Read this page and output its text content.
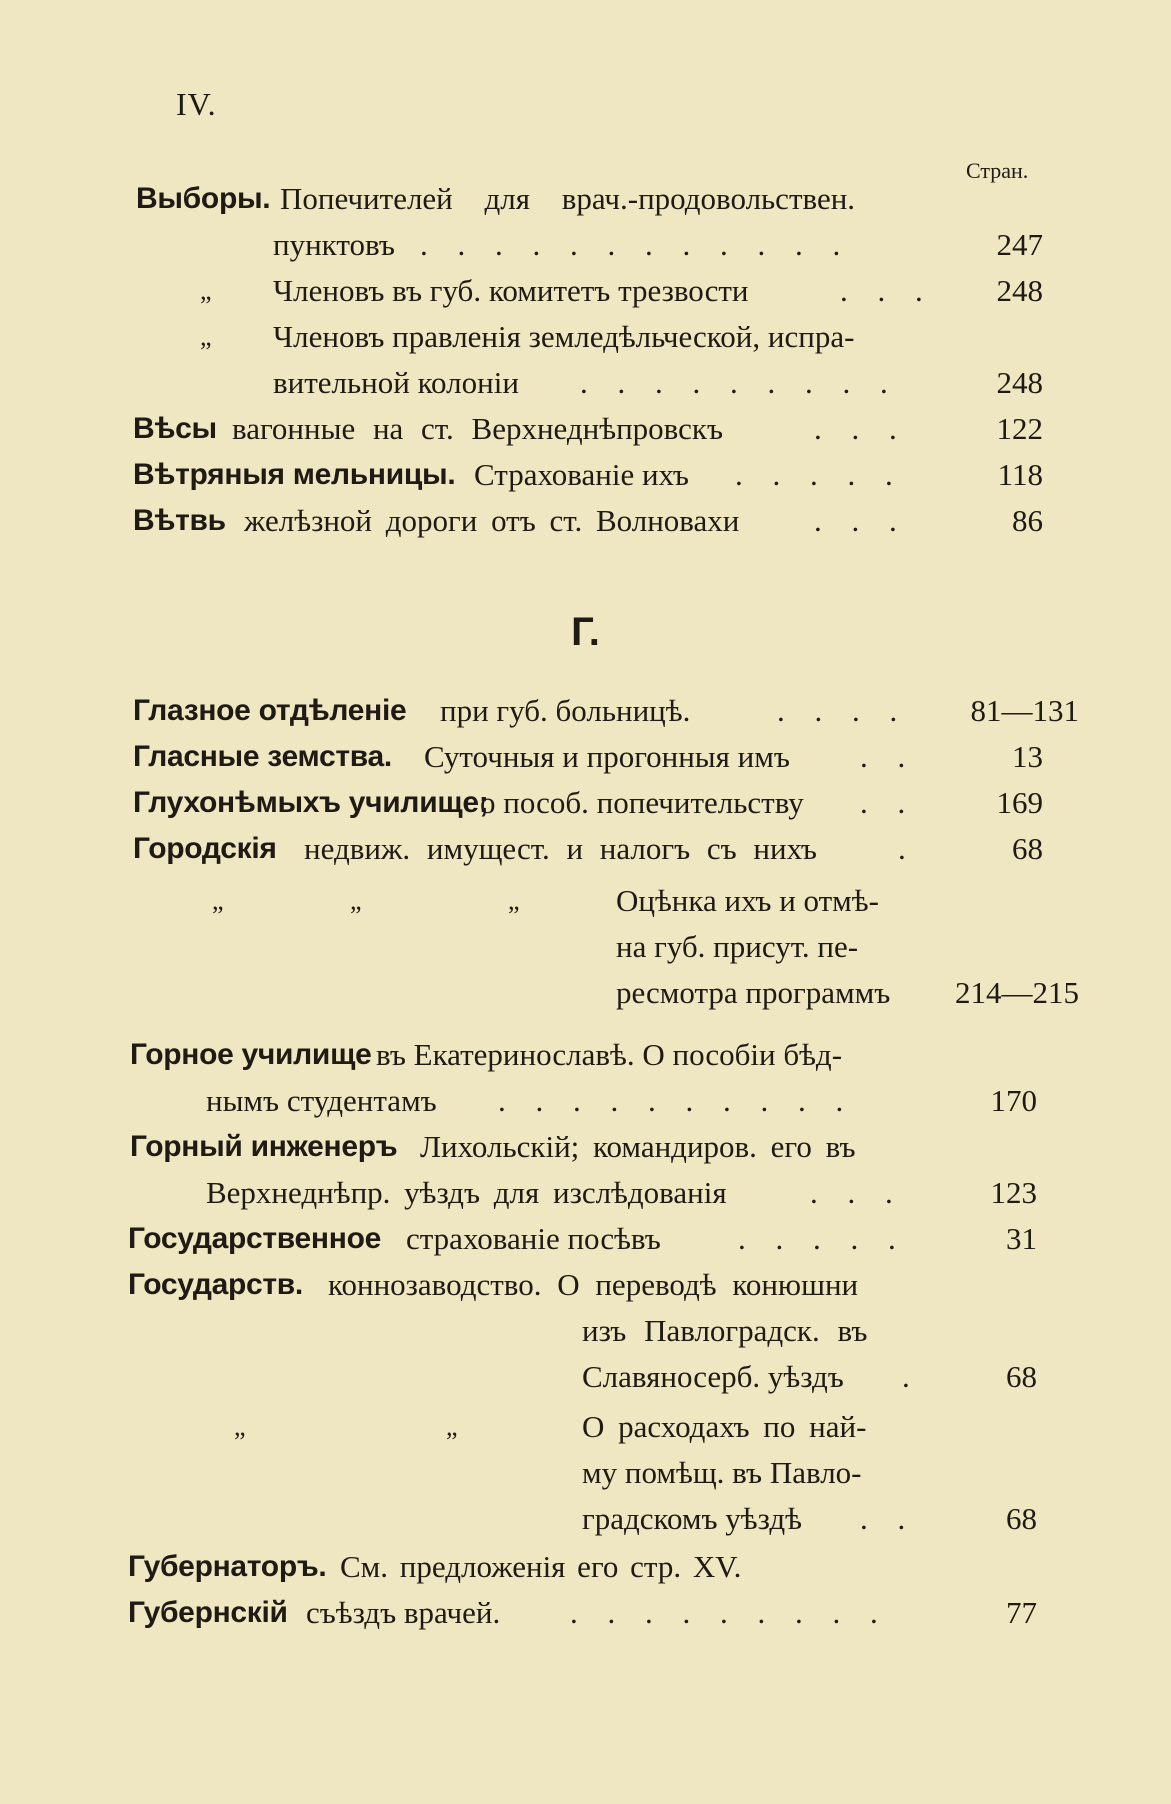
IV.
Стран.
Выборы. Попечителей для врач.-продовольствен.
пунктовъ . . . . . . . . . . . .	247
„ Членовъ въ губ. комитетъ трезвости	. . . 248
„ Членовъ правленія земледѣльческой, испра-
вительной колоніи . . . . . . . . .	248
Вѣсы вагонные на ст. Верхнеднѣпровскъ	. . .	122
Вѣтряныя мельницы. Страхованіе ихъ . . . . .	118
Вѣтвь желѣзной дороги отъ ст. Волновахи . . .	86
Г.
Глазное отдѣленіе при губ. больницѣ.	. . . . 81—131
Гласные земства. Суточныя и прогонныя имъ . .	13
Глухонѣмыхъ училище;
о пособ. попечительству . .	169
Городскія недвиж. имущест. и налогъ съ нихъ	.	68
„	„	„	Оцѣнка ихъ и отмѣ-
на губ. присут. пе-
ресмотра программъ 214—215
Горное училище въ Екатеринославѣ. О пособіи бѣд-
нымъ студентамъ . . . . . . . . . .	170
Горный инженеръ Лихольскій; командиров. его въ
Верхнеднѣпр. уѣздъ для изслѣдованія	. . .	123
Государственное страхованіе посѣвъ . . . . .	31
Государств. коннозаводство. О переводѣ конюшни
изъ Павлоградск. въ
Славяносерб. уѣздъ .	68
„	„	О расходахъ по най-
му помѣщ. въ Павло-
градскомъ уѣздѣ . .	68
Губернаторъ. См. предложенія его стр. XV.
Губернскій съѣздъ врачей. . . . . . . . . .	77
